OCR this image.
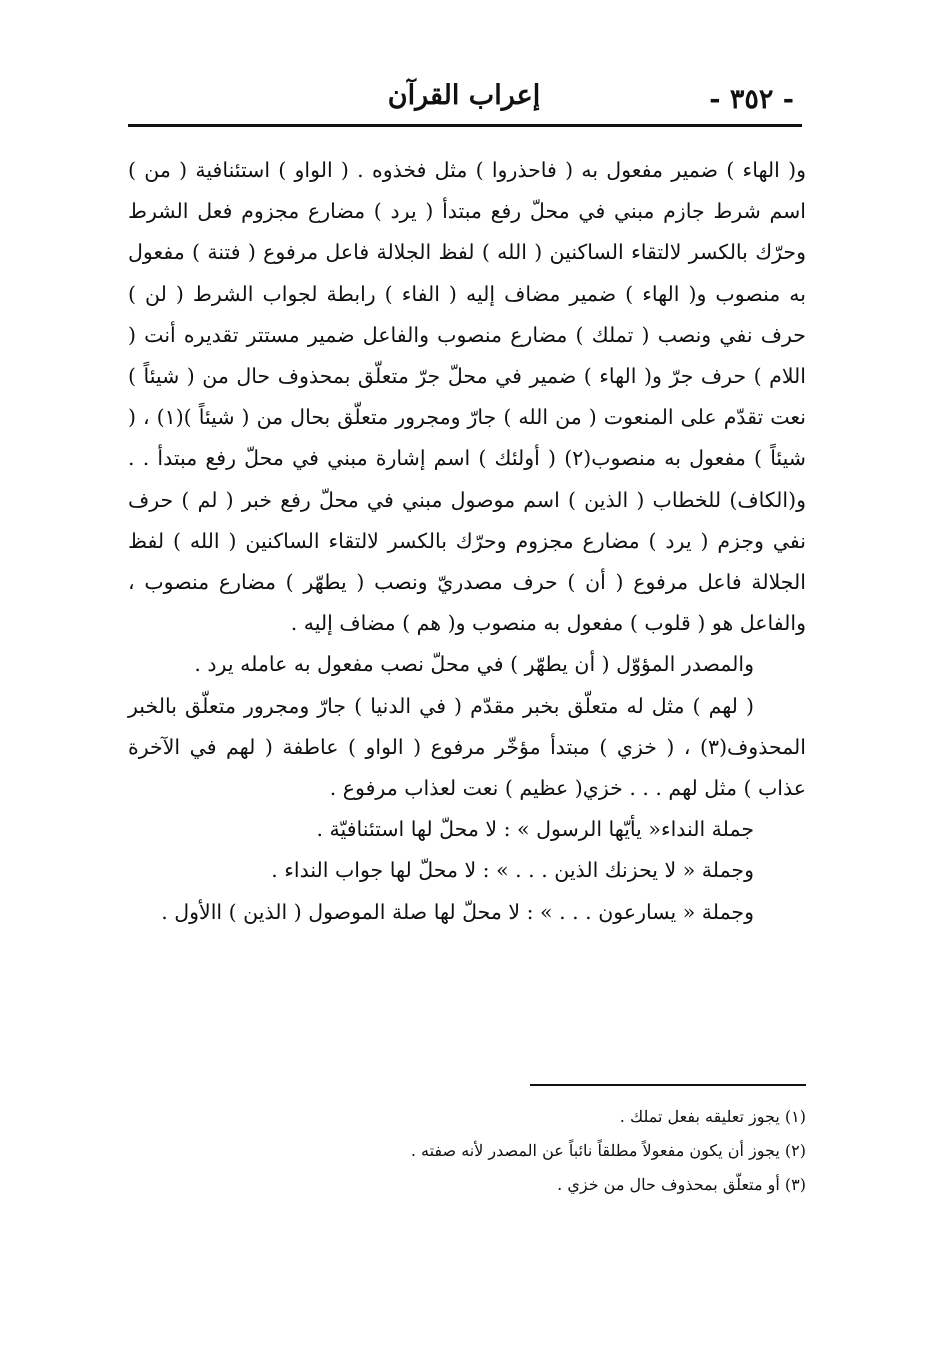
- ٣٥٢ -
إعراب القرآن

و( الهاء ) ضمير مفعول به ( فاحذروا ) مثل فخذوه . ( الواو ) استئنافية ( من ) اسم شرط جازم مبني في محلّ رفع مبتدأ ( يرد ) مضارع مجزوم فعل الشرط وحرّك بالكسر لالتقاء الساكنين ( الله ) لفظ الجلالة فاعل مرفوع ( فتنة ) مفعول به منصوب و( الهاء ) ضمير مضاف إليه ( الفاء ) رابطة لجواب الشرط ( لن ) حرف نفي ونصب ( تملك ) مضارع منصوب والفاعل ضمير مستتر تقديره أنت ( اللام ) حرف جرّ و( الهاء ) ضمير في محلّ جرّ متعلّق بمحذوف حال من ( شيئاً ) نعت تقدّم على المنعوت ( من الله ) جارّ ومجرور متعلّق بحال من ( شيئاً )(١) ، ( شيئاً ) مفعول به منصوب(٢) ( أولئك ) اسم إشارة مبني في محلّ رفع مبتدأ . . و(الكاف) للخطاب ( الذين ) اسم موصول مبني في محلّ رفع خبر ( لم ) حرف نفي وجزم ( يرد ) مضارع مجزوم وحرّك بالكسر لالتقاء الساكنين ( الله ) لفظ الجلالة فاعل مرفوع ( أن ) حرف مصدريّ ونصب ( يطهّر ) مضارع منصوب ، والفاعل هو ( قلوب ) مفعول به منصوب و( هم ) مضاف إليه .

والمصدر المؤوّل ( أن يطهّر ) في محلّ نصب مفعول به عامله يرد .

( لهم ) مثل له متعلّق بخبر مقدّم ( في الدنيا ) جارّ ومجرور متعلّق بالخبر المحذوف(٣) ، ( خزي ) مبتدأ مؤخّر مرفوع ( الواو ) عاطفة ( لهم في الآخرة عذاب ) مثل لهم . . . خزي( عظيم ) نعت لعذاب مرفوع .

جملة النداء« يأيّها الرسول » : لا محلّ لها استئنافيّة .

وجملة « لا يحزنك الذين . . . » : لا محلّ لها جواب النداء .

وجملة « يسارعون . . . » : لا محلّ لها صلة الموصول ( الذين ) االأول .

(١) يجوز تعليقه بفعل تملك .

(٢) يجوز أن يكون مفعولاً مطلقاً نائباً عن المصدر لأنه صفته .

(٣) أو متعلّق بمحذوف حال من خزي .
